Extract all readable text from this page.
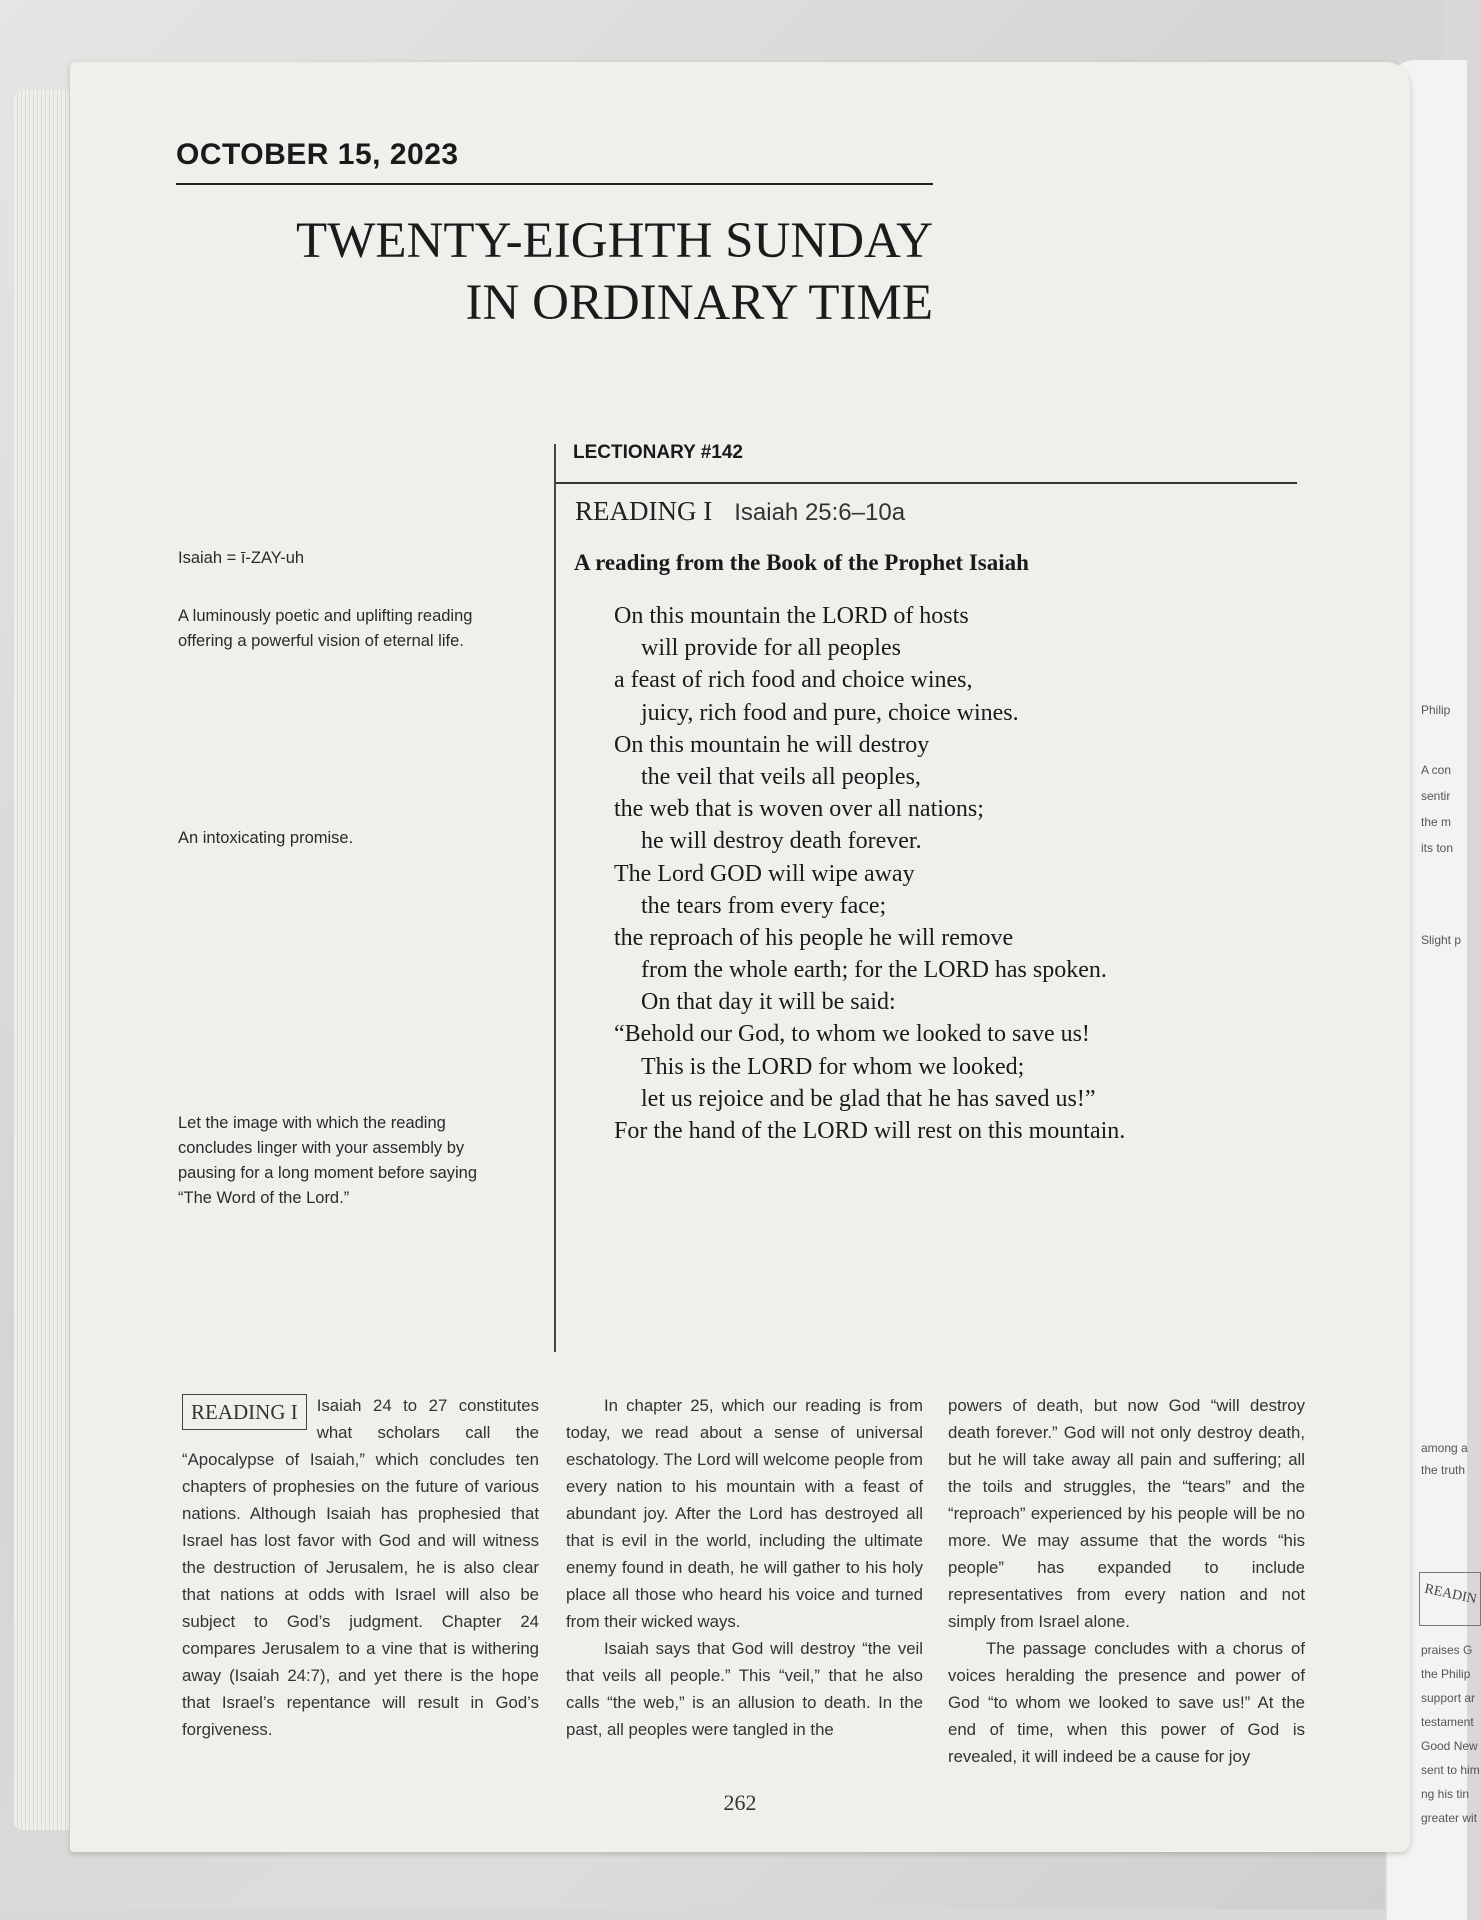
Philip
A con
sentir
the m
its ton
Slight p
among a
the truth
READIN
praises G
the Philip
support ar
testament
Good New
sent to him
ng his tin
greater wit
OCTOBER 15, 2023
TWENTY-EIGHTH SUNDAY
IN ORDINARY TIME
LECTIONARY #142
READING I Isaiah 25:6–10a
A reading from the Book of the Prophet Isaiah
On this mountain the LORD of hosts
will provide for all peoples
a feast of rich food and choice wines,
juicy, rich food and pure, choice wines.
On this mountain he will destroy
the veil that veils all peoples,
the web that is woven over all nations;
he will destroy death forever.
The Lord GOD will wipe away
the tears from every face;
the reproach of his people he will remove
from the whole earth; for the LORD has spoken.
On that day it will be said:
“Behold our God, to whom we looked to save us!
This is the LORD for whom we looked;
let us rejoice and be glad that he has saved us!”
For the hand of the LORD will rest on this mountain.
Isaiah = ī-ZAY-uh
A luminously poetic and uplifting reading offering a powerful vision of eternal life.
An intoxicating promise.
Let the image with which the reading concludes linger with your assembly by pausing for a long moment before saying “The Word of the Lord.”
READING I	Isaiah 24 to 27 constitutes what scholars call the “Apocalypse of Isaiah,” which concludes ten chapters of prophesies on the future of various nations. Although Isaiah has prophesied that Israel has lost favor with God and will witness the destruction of Jerusalem, he is also clear that nations at odds with Israel will also be subject to God’s judgment. Chapter 24 compares Jerusalem to a vine that is withering away (Isaiah 24:7), and yet there is the hope that Israel’s repentance will result in God’s forgiveness.

In chapter 25, which our reading is from today, we read about a sense of universal eschatology. The Lord will welcome people from every nation to his mountain with a feast of abundant joy. After the Lord has destroyed all that is evil in the world, including the ultimate enemy found in death, he will gather to his holy place all those who heard his voice and turned from their wicked ways.

Isaiah says that God will destroy “the veil that veils all people.” This “veil,” that he also calls “the web,” is an allusion to death. In the past, all peoples were tangled in the

powers of death, but now God “will destroy death forever.” God will not only destroy death, but he will take away all pain and suffering; all the toils and struggles, the “tears” and the “reproach” experienced by his people will be no more. We may assume that the words “his people” has expanded to include representatives from every nation and not simply from Israel alone.

The passage concludes with a chorus of voices heralding the presence and power of God “to whom we looked to save us!” At the end of time, when this power of God is revealed, it will indeed be a cause for joy

262
